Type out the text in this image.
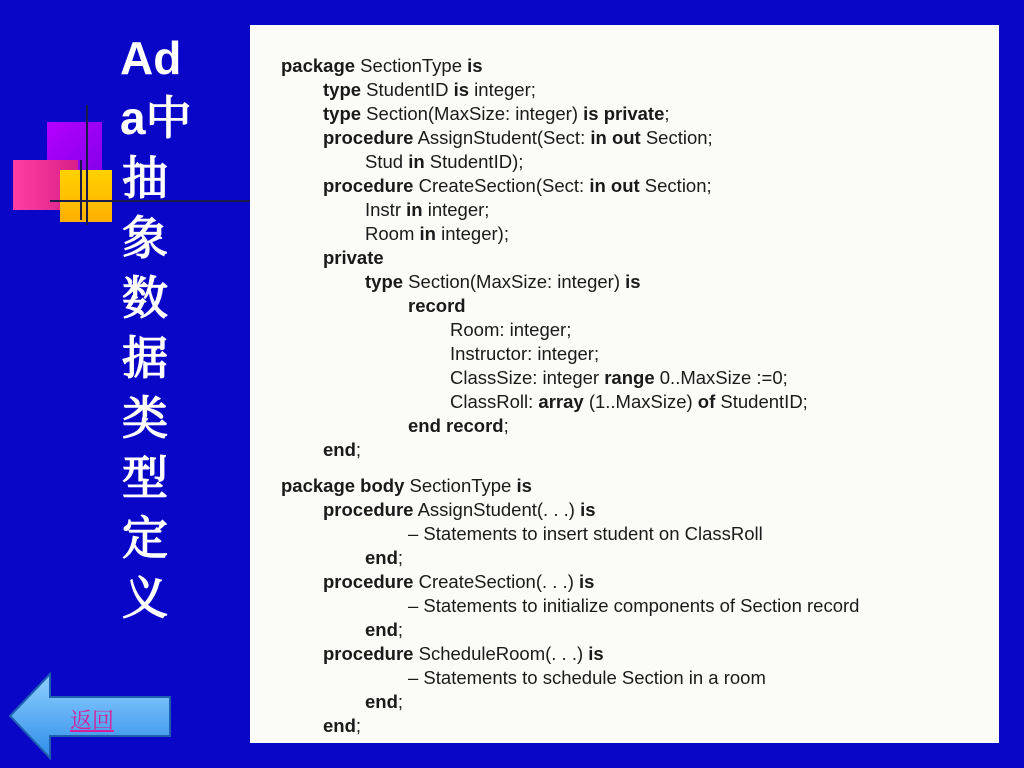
Ad
a中
抽
象
数
据
类
型
定
义
package SectionType is
type StudentID is integer;
type Section(MaxSize: integer) is private;
procedure AssignStudent(Sect: in out Section;
Stud in StudentID);
procedure CreateSection(Sect: in out Section;
Instr in integer;
Room in integer);
private
type Section(MaxSize: integer) is
record
Room: integer;
Instructor: integer;
ClassSize: integer range 0..MaxSize :=0;
ClassRoll: array (1..MaxSize) of StudentID;
end record;
end;
package body SectionType is
procedure AssignStudent(. . .) is
– Statements to insert student on ClassRoll
end;
procedure CreateSection(. . .) is
– Statements to initialize components of Section record
end;
procedure ScheduleRoom(. . .) is
– Statements to schedule Section in a room
end;
end;
返回
